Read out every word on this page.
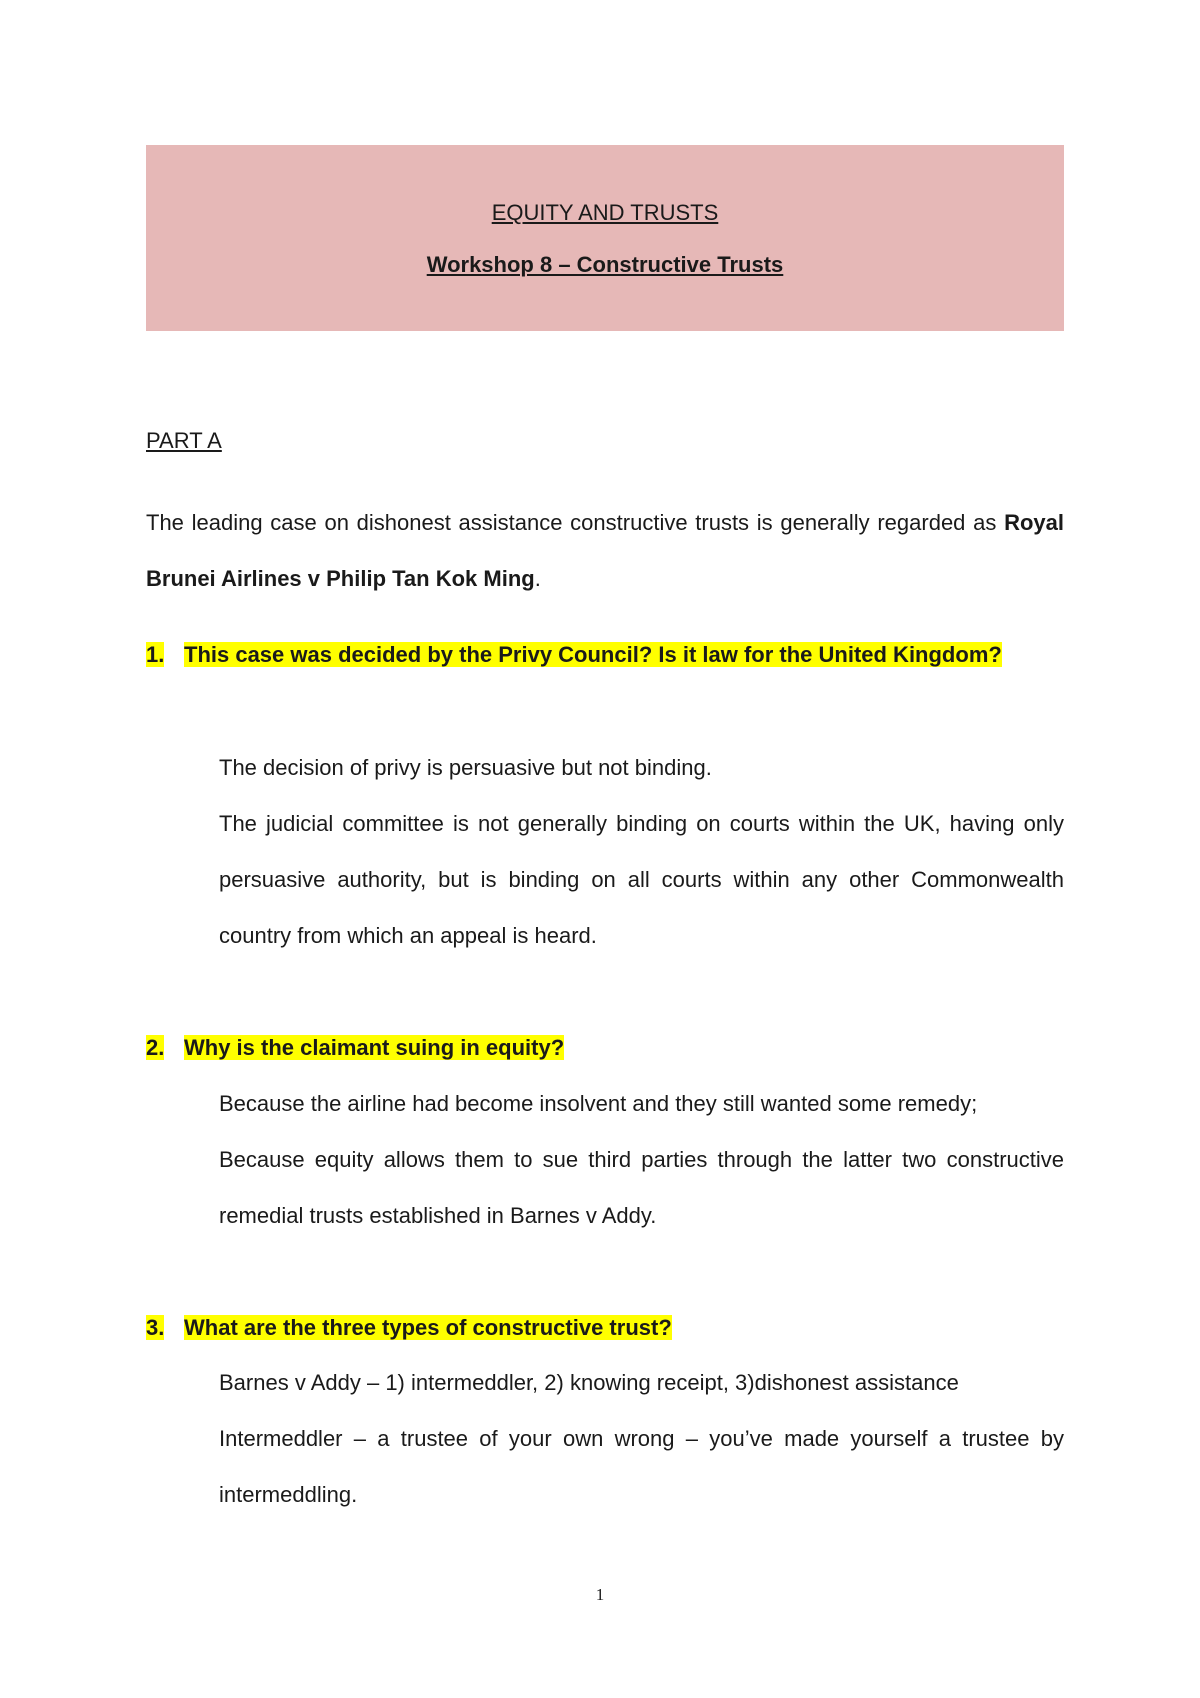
EQUITY AND TRUSTS
Workshop 8 – Constructive Trusts
PART A
The leading case on dishonest assistance constructive trusts is generally regarded as Royal Brunei Airlines v Philip Tan Kok Ming.
1. This case was decided by the Privy Council? Is it law for the United Kingdom?

The decision of privy is persuasive but not binding.

The judicial committee is not generally binding on courts within the UK, having only persuasive authority, but is binding on all courts within any other Commonwealth country from which an appeal is heard.

2. Why is the claimant suing in equity?

Because the airline had become insolvent and they still wanted some remedy;

Because equity allows them to sue third parties through the latter two constructive remedial trusts established in Barnes v Addy.

3. What are the three types of constructive trust?

Barnes v Addy – 1) intermeddler, 2) knowing receipt, 3)dishonest assistance

Intermeddler – a trustee of your own wrong – you’ve made yourself a trustee by intermeddling.

1
